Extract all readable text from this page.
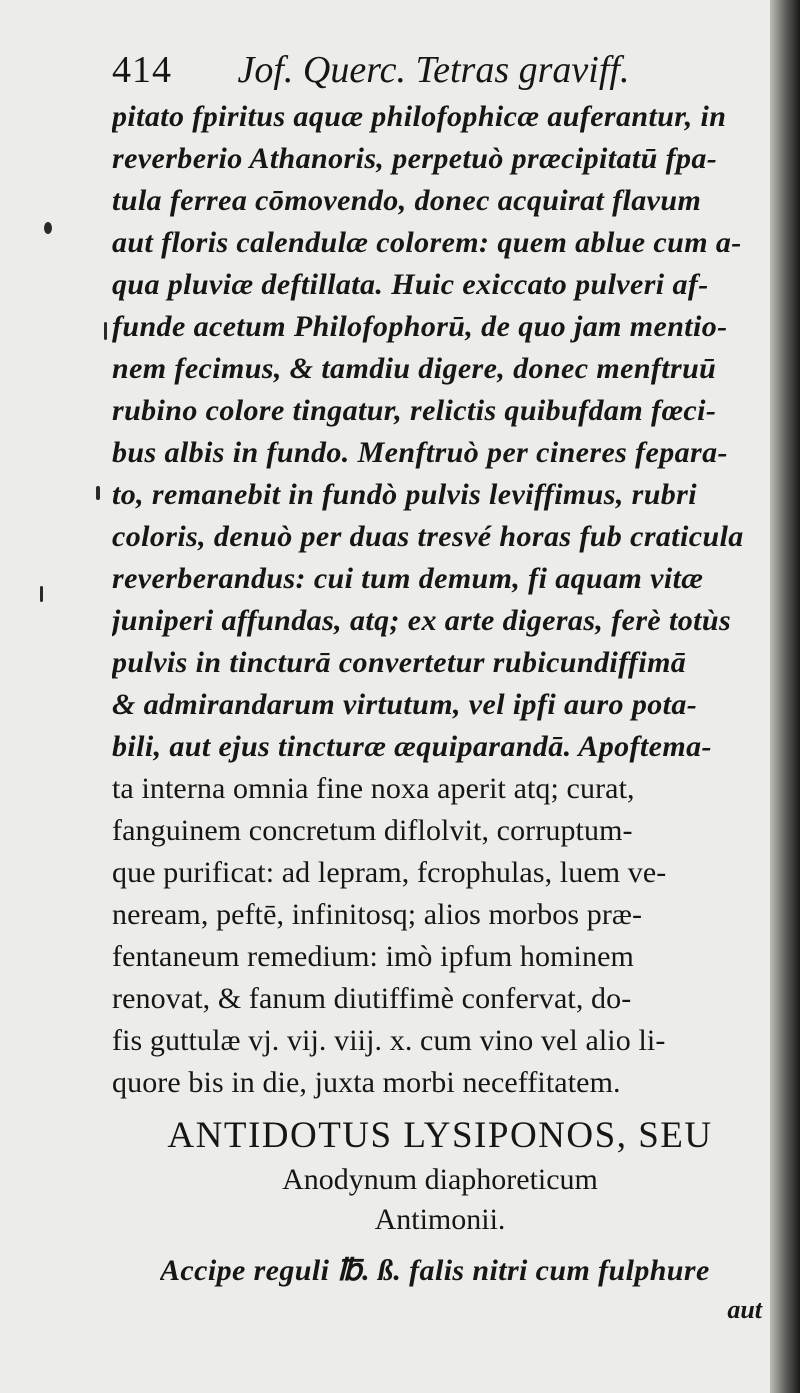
414 Jof. Querc. Tetras graviff.
pitato fpiritus aquæ philofophicæ auferantur, in
reverberio Athanoris, perpetuò præcipitatū fpa-
tula ferrea cōmovendo, donec acquirat flavum
aut floris calendulæ colorem: quem ablue cum a-
qua pluviæ deftillata. Huic exiccato pulveri af-
funde acetum Philofophorū, de quo jam mentio-
nem fecimus, & tamdiu digere, donec menftruū
rubino colore tingatur, relictis quibufdam fœci-
bus albis in fundo. Menftruò per cineres fepara-
to, remanebit in fundò pulvis leviffimus, rubri
coloris, denuò per duas tresvé horas fub craticula
reverberandus: cui tum demum, fi aquam vitæ
juniperi affundas, atq; ex arte digeras, ferè totùs
pulvis in tincturā convertetur rubicundiffimā
& admirandarum virtutum, vel ipfi auro pota-
bili, aut ejus tincturæ æquiparandā. Apoftema-
ta interna omnia fine noxa aperit atq; curat,
fanguinem concretum diflolvit, corruptum-
que purificat: ad lepram, fcrophulas, luem ve-
neream, peftē, infinitosq; alios morbos præ-
fentaneum remedium: imò ipfum hominem
renovat, & fanum diutiffimè confervat, do-
fis guttulæ vj. vij. viij. x. cum vino vel alio li-
quore bis in die, juxta morbi neceffitatem.
ANTIDOTUS LYSIPONOS, SEU
Anodynum diaphoreticum
Antimonii.
Accipe reguli ℔. ß. falis nitri cum fulphure
aut
